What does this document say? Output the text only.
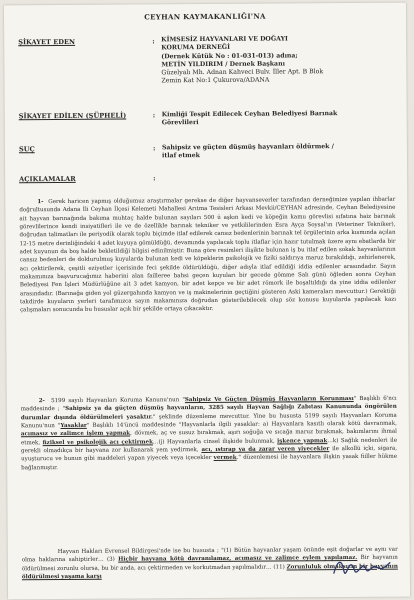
CEYHAN KAYMAKANLIĞI'NA
ŞİKAYET EDEN	: KİMSESİZ HAYVANLARI VE DOĞAYI
KORUMA DERNEĞİ
(Dernek Kütük No : 01-031-013) adına;
METİN YILDIRIM / Dernek Başkanı
Güzelyalı Mh. Adnan Kahveci Bulv. İller Apt. B Blok
Zemin Kat No:1 Çukurova/ADANA
ŞİKAYET EDİLEN (ŞÜPHELİ)	: Kimliği Tespit Edilecek Ceyhan Belediyesi Barınak
Görevlileri
SUÇ	: Sahipsiz ve güçten düşmüş hayvanları öldürmek /
itlaf etmek
AÇIKLAMALAR	:

1- Gerek haricen yapmış olduğumuz araştırmalar gerekse de diğer hayvanseverler tarafından derneğimize yapılan ihbarlar doğrultusunda Adana İli Ceyhan İlçesi Kelemeti Mahallesi Arıtma Tesisleri Arkası Mevkii/CEYHAN adresinde, Ceyhan Belediyesine ait hayvan barınağında bakıma muhtaç halde bulunan sayıları 500 ü aşkın kedi ve köpeğin kamu görevlisi sıfatına haiz barınak görevlilerince kendi insiyatifleri ile ve de özellikle barınak tekniker ve yetkililerinden Esra Ayça Soysal'ın (Veteriner Tekniker), doğrudan talimatları ile periyodik olarak toplu biçimde itlaf edilerek cansız bedenlerinin barınak tel örgülerinin arka kısmında açılan 12-15 metre derinliğindeki 4 adet kuyuya gömüldüğü, devamında yapılacak toplu itlaflar için hazır tutulmak üzere aynı ebatlarda bir adet kuyunun da boş halde bekletildiği bilgisi edinilmiştir. Buna göre resimleri ilişikte bulunan iş bu itlaf edilen sokak hayvanlarının cansız bedenleri de doldurulmuş kuyularda bulunan kedi ve köpeklerin psikolojik ve fiziki saldırıya maruz bırakıldığı, zehirlenerek, acı çektirilerek, çeşitli eziyetler içerisinde feci şekilde öldürüldüğü, diğer adıyla itlaf edildiği iddia edilenler arasındadır. Sayın makamınıza başvurucağımız haberini alan failleree bahsi geçen kuyuları bir gecede gömme Salı günü öğleden sonra Ceyhan Belediyesi Fen İşleri Müdürlüğüne ait 3 adet kamyon, bir adet kepçe ve bir adet römork ile boşaltıldığı da yine iddia edilenler arasındadır. (Barınağa giden yol güzergahında kamyon ve iş makinelerinin geçtiğini gösteren Aski kameraları mevcuttur.) Gerektiği takdirde kuyuların yerleri tarafımızca sayın makamınıza doğrudan gösterilebilecek olup söz konusu kuyularda yapılacak kazı çalışmaları sonucunda bu hususlar açık bir şekilde ortaya çıkacaktır.

2- 5199 sayılı Hayvanları Koruma Kanunu'nun "Sahipsiz Ve Güçten Düşmüş Hayvanların Korunması" Başlıklı 6'ncı maddesinde ; "Sahipsiz ya da güçten düşmüş hayvanların, 3285 sayılı Hayvan Sağlığı Zabıtası Kanununda öngörülen durumlar dışında öldürülmeleri yasaktır." şeklinde düzenleme mevcuttur. Yine bu hususta 5199 sayılı Hayvanları Koruma Kanunu'nun "Yasaklar" Başlıklı 14'üncü maddesinde "Hayvanlarla ilgili yasaklar: a) Hayvanlara kasıtlı olarak kötü davranmak, acımasız ve zalimce işlem yapmak, dövmek, aç ve susuz bırakmak, aşırı soğuğa ve sıcağa maruz bırakmak, bakımlarını ihmal etmek, fiziksel ve psikolojik acı çektirmek…(j) Hayvanlarla cinsel ilişkide bulunmak, işkence yapmak…k) Sağlık nedenleri ile gerekli olmadıkça bir hayvana zor kullanarak yem yedirmek, acı, ıstırap ya da zarar veren yiyecekler ile alkollü içki, sigara, uyuşturucu ve bunun gibi maddeleri yapan yiyecek veya içecekler vermek." düzenlemesi ile hayvanlara ilişkin yasak fiiller hükme bağlanmıştır.

Hayvan Hakları Evrensel Bildirgesi'nde ise bu hususta ; "(1) Bütün hayvanlar yaşam önünde eşit doğarlar ve aynı var olma haklarına sahiptirler… (3) Hiçbir hayvana kötü davranılamaz, acımasız ve zalimce eylem yapılamaz. Bir hayvanın öldürülmesi zorunlu olursa, bu bir anda, acı çektirmeden ve korkutmadan yapılmalıdır… (11) Zorunluluk olmaksızın bir hayvanın öldürülmesi yaşama karşı
